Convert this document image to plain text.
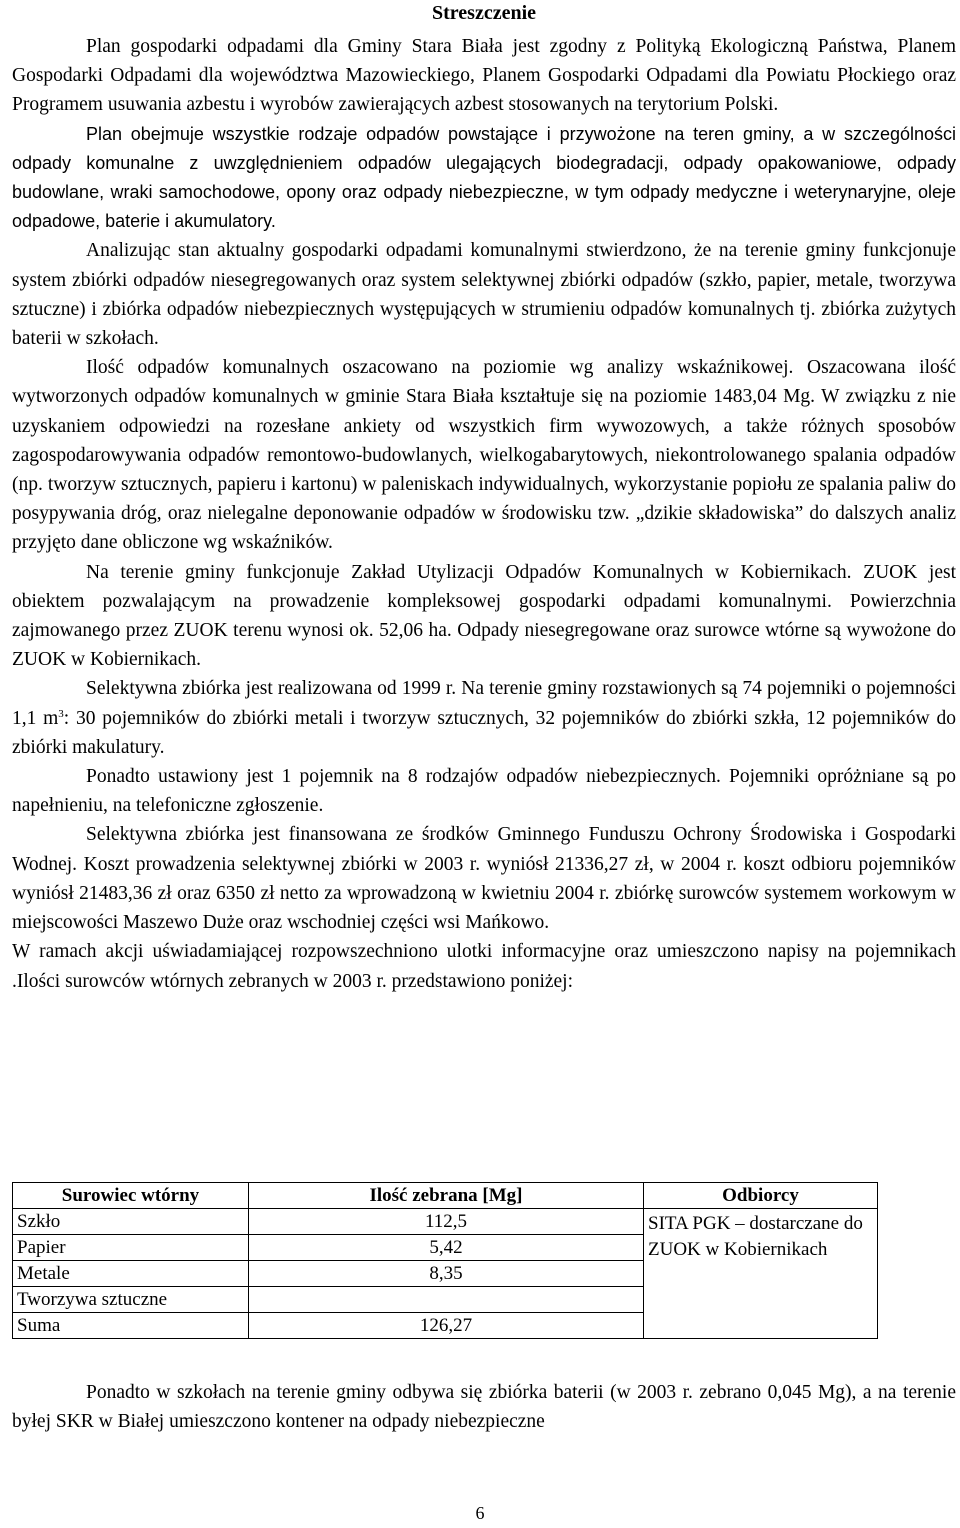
Streszczenie

Plan gospodarki odpadami dla Gminy Stara Biała jest zgodny z Polityką Ekologiczną Państwa, Planem Gospodarki Odpadami dla województwa Mazowieckiego, Planem Gospodarki Odpadami dla Powiatu Płockiego oraz Programem usuwania azbestu i wyrobów zawierających azbest stosowanych na terytorium Polski.

Plan obejmuje wszystkie rodzaje odpadów powstające i przywożone na teren gminy, a w szczególności odpady komunalne z uwzględnieniem odpadów ulegających biodegradacji, odpady opakowaniowe, odpady budowlane, wraki samochodowe, opony oraz odpady niebezpieczne, w tym odpady medyczne i weterynaryjne, oleje odpadowe, baterie i akumulatory.

Analizując stan aktualny gospodarki odpadami komunalnymi stwierdzono, że na terenie gminy funkcjonuje system zbiórki odpadów niesegregowanych oraz system selektywnej zbiórki odpadów (szkło, papier, metale, tworzywa sztuczne) i zbiórka odpadów niebezpiecznych występujących w strumieniu odpadów komunalnych tj. zbiórka zużytych baterii w szkołach.

Ilość odpadów komunalnych oszacowano na poziomie wg analizy wskaźnikowej. Oszacowana ilość wytworzonych odpadów komunalnych w gminie Stara Biała kształtuje się na poziomie 1483,04 Mg. W związku z nie uzyskaniem odpowiedzi na rozesłane ankiety od wszystkich firm wywozowych, a także różnych sposobów zagospodarowywania odpadów remontowo-budowlanych, wielkogabarytowych, niekontrolowanego spalania odpadów (np. tworzyw sztucznych, papieru i kartonu) w paleniskach indywidualnych, wykorzystanie popiołu ze spalania paliw do posypywania dróg, oraz nielegalne deponowanie odpadów w środowisku tzw. „dzikie składowiska” do dalszych analiz przyjęto dane obliczone wg wskaźników.

Na terenie gminy funkcjonuje Zakład Utylizacji Odpadów Komunalnych w Kobiernikach. ZUOK jest obiektem pozwalającym na prowadzenie kompleksowej gospodarki odpadami komunalnymi. Powierzchnia zajmowanego przez ZUOK terenu wynosi ok. 52,06 ha. Odpady niesegregowane oraz surowce wtórne są wywożone do ZUOK w Kobiernikach.

Selektywna zbiórka jest realizowana od 1999 r. Na terenie gminy rozstawionych są 74 pojemniki o pojemności 1,1 $m^3$: 30 pojemników do zbiórki metali i tworzyw sztucznych, 32 pojemników do zbiórki szkła, 12 pojemników do zbiórki makulatury.

Ponadto ustawiony jest 1 pojemnik na 8 rodzajów odpadów niebezpiecznych. Pojemniki opróżniane są po napełnieniu, na telefoniczne zgłoszenie.

Selektywna zbiórka jest finansowana ze środków Gminnego Funduszu Ochrony Środowiska i Gospodarki Wodnej. Koszt prowadzenia selektywnej zbiórki w 2003 r. wyniósł 21336,27 zł, w 2004 r. koszt odbioru pojemników wyniósł 21483,36 zł oraz 6350 zł netto za wprowadzoną w kwietniu 2004 r. zbiórkę surowców systemem workowym w miejscowości Maszewo Duże oraz wschodniej części wsi Mańkowo.

W ramach akcji uświadamiającej rozpowszechniono ulotki informacyjne oraz umieszczono napisy na pojemnikach .Ilości surowców wtórnych zebranych w 2003 r. przedstawiono poniżej:

Surowiec wtórny	Ilość zebrana [Mg]	Odbiorcy
Szkło	112,5	SITA PGK – dostarczane do ZUOK w Kobiernikach
Papier	5,42	
Metale	8,35	
Tworzywa sztuczne		
Suma	126,27	

Ponadto w szkołach na terenie gminy odbywa się zbiórka baterii (w 2003 r. zebrano 0,045 Mg), a na terenie byłej SKR w Białej umieszczono kontener na odpady niebezpieczne

6
